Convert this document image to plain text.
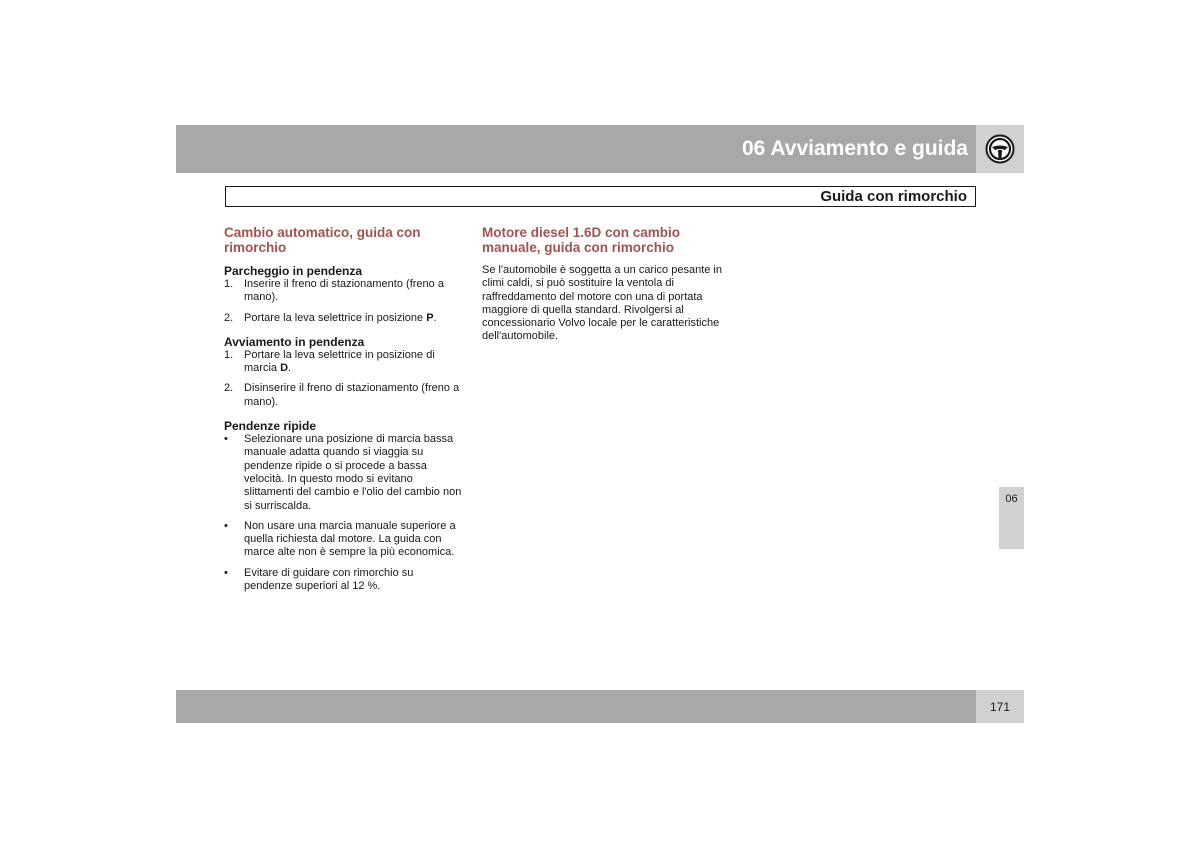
06 Avviamento e guida
Guida con rimorchio
Cambio automatico, guida con rimorchio
Parcheggio in pendenza
1. Inserire il freno di stazionamento (freno a mano).
2. Portare la leva selettrice in posizione P.
Avviamento in pendenza
1. Portare la leva selettrice in posizione di marcia D.
2. Disinserire il freno di stazionamento (freno a mano).
Pendenze ripide
•	Selezionare una posizione di marcia bassa manuale adatta quando si viaggia su pendenze ripide o si procede a bassa velocità. In questo modo si evitano slittamenti del cambio e l'olio del cambio non si surriscalda.
•	Non usare una marcia manuale superiore a quella richiesta dal motore. La guida con marce alte non è sempre la più economica.
•	Evitare di guidare con rimorchio su pendenze superiori al 12 %.
Motore diesel 1.6D con cambio manuale, guida con rimorchio

Se l'automobile è soggetta a un carico pesante in climi caldi, si può sostituire la ventola di raffreddamento del motore con una di portata maggiore di quella standard. Rivolgersi al concessionario Volvo locale per le caratteristiche dell'automobile.

06
171
